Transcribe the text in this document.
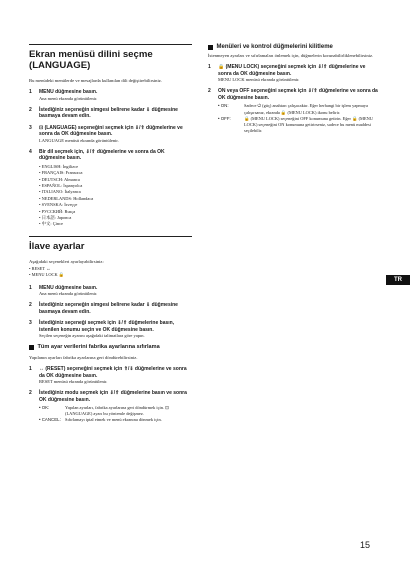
Ekran menüsü dilini seçme (LANGUAGE)

Bu menüdeki menülerde ve mesajlarda kullanılan dili değiştirebilirsiniz.

1	MENU düğmesine basın.
Ana menü ekranda görüntülenir.
2	İstediğiniz seçeneğin simgesi belirene kadar ⇓ düğmesine basmaya devam edin.
3	⊡ (LANGUAGE) seçeneğini seçmek için ⇓/⇑ düğmelerine ve sonra da OK düğmesine basın.
LANGUAGE menüsü ekranda görüntülenir.
4	Bir dil seçmek için, ⇓/⇑ düğmelerine ve sonra da OK düğmesine basın.
• ENGLISH: İngilizce
• FRANÇAIS: Fransızca
• DEUTSCH: Almanca
• ESPAÑOL: İspanyolca
• ITALIANO: İtalyanca
• NEDERLANDS: Hollandaca
• SVENSKA: İsveççe
• РУССКИЙ: Rusça
• 日本語: Japonca
• 中文: Çince
İlave ayarlar

Aşağıdaki seçenekleri ayarlayabilirsiniz:

• RESET ↔
• MENU LOCK 🔒
1	MENU düğmesine basın.
Ana menü ekranda görüntülenir.
2	İstediğiniz seçeneğin simgesi belirene kadar ⇓ düğmesine basmaya devam edin.
3	İstediğiniz seçeneği seçmek için ⇓/⇑ düğmelerine basın, istenilen konumu seçin ve OK düğmesine basın.
Seçilen seçeneğin ayarını aşağıdaki talimatlara göre yapın.
Tüm ayar verilerini fabrika ayarlarına sıfırlama

Yapılanın ayarları fabrika ayarlarına geri döndürebilirsiniz.

1	↔ (RESET) seçeneğini seçmek için ⇑/⇓ düğmelerine ve sonra da OK düğmesine basın.
RESET menüsü ekranda görüntülenir.
2	İstediğiniz modu seçmek için ⇓/⇑ düğmelerine basın ve sonra OK düğmesine basın.
• OK:	Yapılan ayarları, fabrika ayarlarına geri döndürmek için. ⊡ (LANGUAGE) ayarı bu yöntemle değişmez.
• CANCEL: Sıfırlamayı iptal etmek ve menü ekranına dönmek için.
Menüleri ve kontrol düğmelerini kilitleme

İstenmeyen ayarları ve sıfırlamaları önlemek için, düğmelerin korunabilirliklenebilirsiniz.

1	🔒 (MENU LOCK) seçeneğini seçmek için ⇓/⇑ düğmelerine ve sonra da OK düğmesine basın.
MENU LOCK menüsü ekranda görüntülenir.
2	ON veya OFF seçeneğini seçmek için ⇓/⇑ düğmelerine ve sonra da OK düğmesine basın.
• ON:	Sadece ⏻ (güç) anahtarı çalışacaktır. Eğer herhangi bir işlem yapmaya çalışırsanız, ekranda 🔒 (MENU LOCK) ikonu belirir.
• OFF:	🔒 (MENU LOCK) seçeneğini OFF konumuna getirin. Eğer 🔒 (MENU LOCK) seçeneğini ON konumuna getirirseniz, sadece bu menü maddesi seçilebilir.
TR
15
